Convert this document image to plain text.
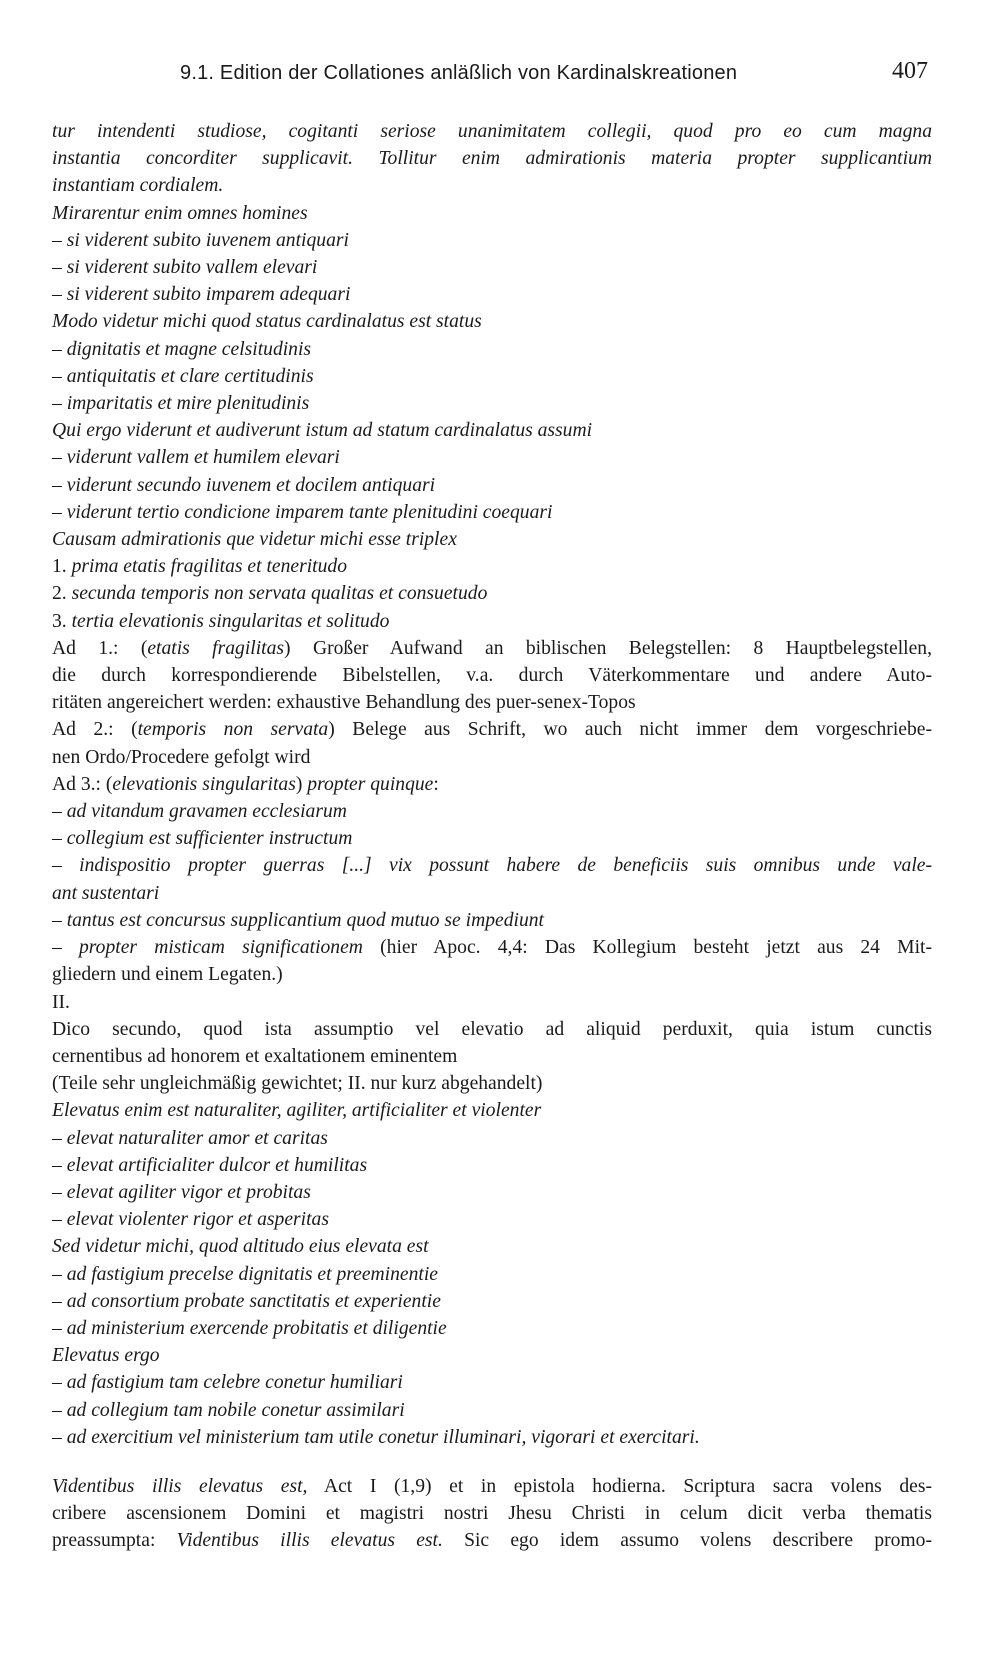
9.1. Edition der Collationes anläßlich von Kardinalskreationen	407
tur intendenti studiose, cogitanti seriose unanimitatem collegii, quod pro eo cum magna
instantia concorditer supplicavit. Tollitur enim admirationis materia propter supplicantium
instantiam cordialem.
Mirarentur enim omnes homines
– si viderent subito iuvenem antiquari
– si viderent subito vallem elevari
– si viderent subito imparem adequari
Modo videtur michi quod status cardinalatus est status
– dignitatis et magne celsitudinis
– antiquitatis et clare certitudinis
– imparitatis et mire plenitudinis
Qui ergo viderunt et audiverunt istum ad statum cardinalatus assumi
– viderunt vallem et humilem elevari
– viderunt secundo iuvenem et docilem antiquari
– viderunt tertio condicione imparem tante plenitudini coequari
Causam admirationis que videtur michi esse triplex
1. prima etatis fragilitas et teneritudo
2. secunda temporis non servata qualitas et consuetudo
3. tertia elevationis singularitas et solitudo
Ad 1.: (etatis fragilitas) Großer Aufwand an biblischen Belegstellen: 8 Hauptbelegstellen,
die durch korrespondierende Bibelstellen, v.a. durch Väterkommentare und andere Auto-
ritäten angereichert werden: exhaustive Behandlung des puer-senex-Topos
Ad 2.: (temporis non servata) Belege aus Schrift, wo auch nicht immer dem vorgeschriebe-
nen Ordo/Procedere gefolgt wird
Ad 3.: (elevationis singularitas) propter quinque:
– ad vitandum gravamen ecclesiarum
– collegium est sufficienter instructum
– indispositio propter guerras [...] vix possunt habere de beneficiis suis omnibus unde vale-
ant sustentari
– tantus est concursus supplicantium quod mutuo se impediunt
– propter misticam significationem (hier Apoc. 4,4: Das Kollegium besteht jetzt aus 24 Mit-
gliedern und einem Legaten.)
II.
Dico secundo, quod ista assumptio vel elevatio ad aliquid perduxit, quia istum cunctis
cernentibus ad honorem et exaltationem eminentem
(Teile sehr ungleichmäßig gewichtet; II. nur kurz abgehandelt)
Elevatus enim est naturaliter, agiliter, artificialiter et violenter
– elevat naturaliter amor et caritas
– elevat artificialiter dulcor et humilitas
– elevat agiliter vigor et probitas
– elevat violenter rigor et asperitas
Sed videtur michi, quod altitudo eius elevata est
– ad fastigium precelse dignitatis et preeminentie
– ad consortium probate sanctitatis et experientie
– ad ministerium exercende probitatis et diligentie
Elevatus ergo
– ad fastigium tam celebre conetur humiliari
– ad collegium tam nobile conetur assimilari
– ad exercitium vel ministerium tam utile conetur illuminari, vigorari et exercitari.
Videntibus illis elevatus est, Act I (1,9) et in epistola hodierna. Scriptura sacra volens des-
cribere ascensionem Domini et magistri nostri Jhesu Christi in celum dicit verba thematis
preassumpta: Videntibus illis elevatus est. Sic ego idem assumo volens describere promo-
